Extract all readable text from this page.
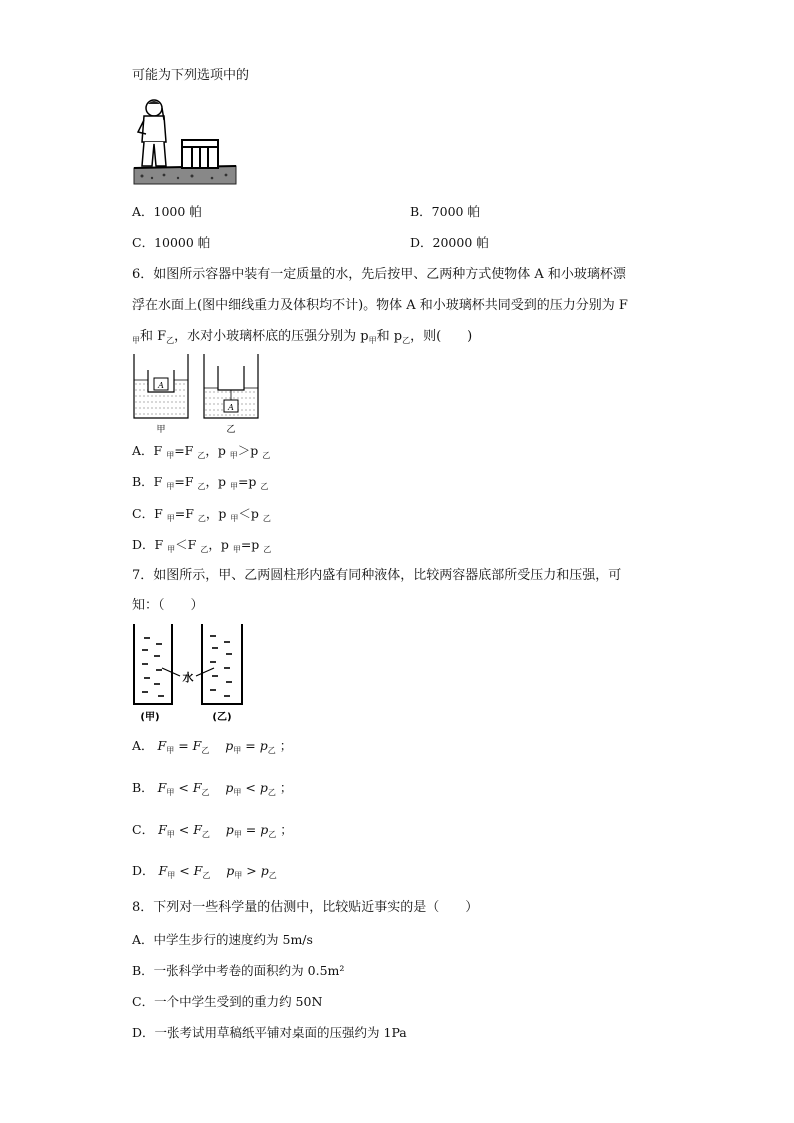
可能为下列选项中的
A．1000 帕	B．7000 帕
C．10000 帕	D．20000 帕
6．如图所示容器中装有一定质量的水，先后按甲、乙两种方式使物体 A 和小玻璃杯漂
浮在水面上(图中细线重力及体积均不计)。物体 A 和小玻璃杯共同受到的压力分别为 F
$_甲$和 $F_乙$，水对小玻璃杯底的压强分别为 $p_甲$和 $p_乙$，则(　　)
A
A
甲	乙
A．F $_甲$=F $_乙$，p $_甲$＞p $_乙$
B．F $_甲$=F $_乙$，p $_甲$=p $_乙$
C．F $_甲$=F $_乙$，p $_甲$＜p $_乙$
D．F $_甲$＜F $_乙$，p $_甲$=p $_乙$
7．如图所示，甲、乙两圆柱形内盛有同种液体，比较两容器底部所受压力和压强，可
知：（　　）
水
(甲)	(乙)
A． $F_甲 = F_乙$ $p_甲 = p_乙$ ；
B． $F_甲 < F_乙$ $p_甲 < p_乙$ ；
C． $F_甲 < F_乙$ $p_甲 = p_乙$ ；
D． $F_甲 < F_乙$ $p_甲 > p_乙$
8．下列对一些科学量的估测中，比较贴近事实的是（　　）
A．中学生步行的速度约为 5m/s
B．一张科学中考卷的面积约为 0.5m²
C．一个中学生受到的重力约 50N
D．一张考试用草稿纸平铺对桌面的压强约为 1Pa
